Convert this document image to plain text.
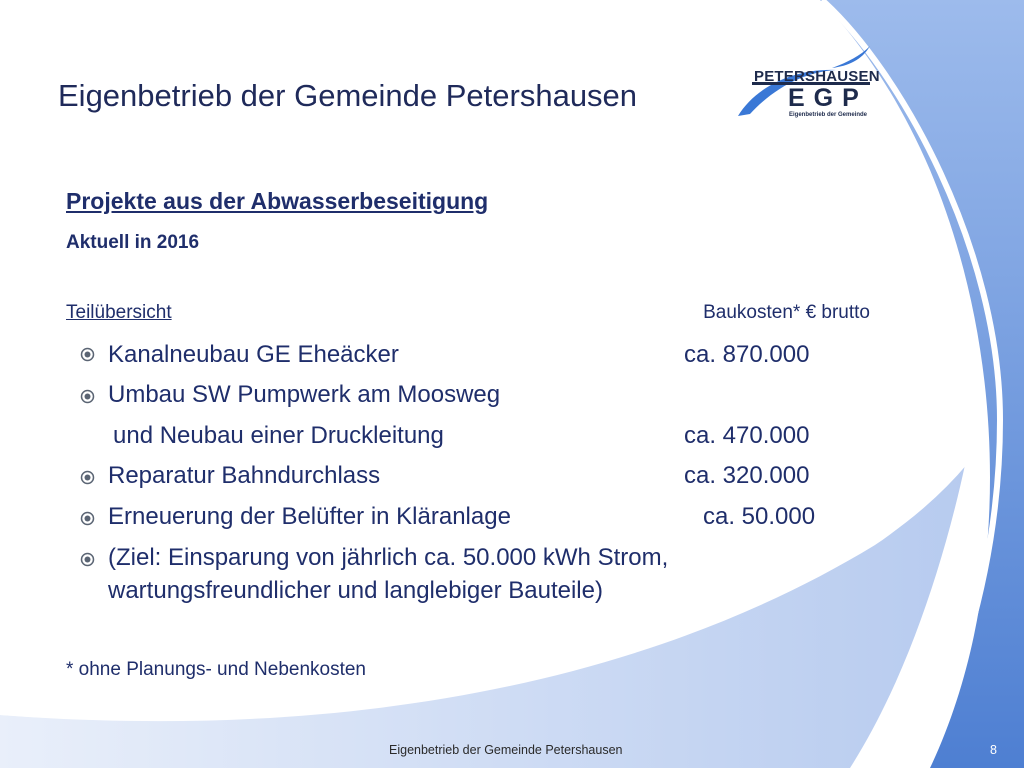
Eigenbetrieb der Gemeinde Petershausen
PETERSHAUSEN
EGP
Eigenbetrieb der Gemeinde
Projekte aus der Abwasserbeseitigung
Aktuell in 2016
Teilübersicht	Baukosten* € brutto
Kanalneubau GE Eheäcker	ca. 870.000
Umbau SW Pumpwerk am Moosweg
und Neubau einer Druckleitung	ca. 470.000
Reparatur Bahndurchlass	ca. 320.000
Erneuerung der Belüfter in Kläranlage	ca. 50.000
(Ziel: Einsparung von jährlich ca. 50.000 kWh Strom,
wartungsfreundlicher und langlebiger Bauteile)
* ohne Planungs- und Nebenkosten
Eigenbetrieb der Gemeinde Petershausen	8
